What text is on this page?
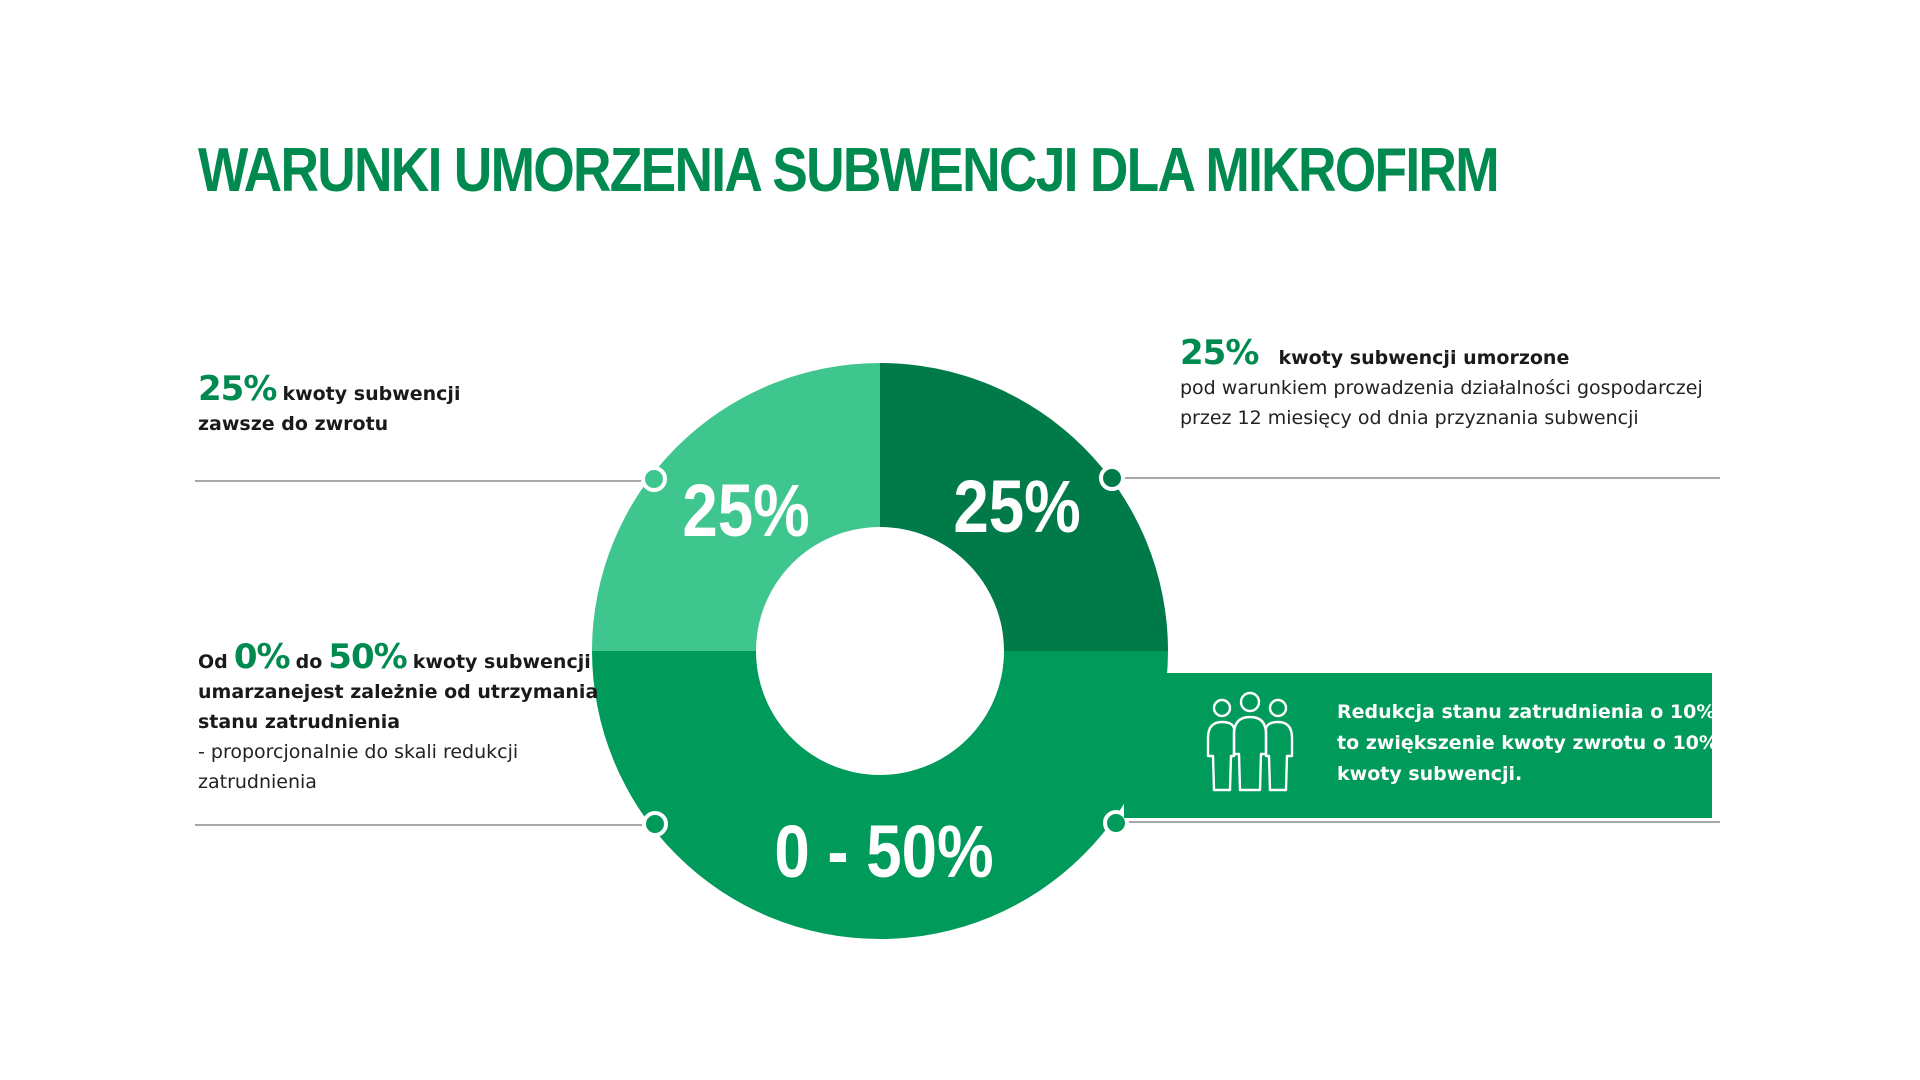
WARUNKI UMORZENIA SUBWENCJI DLA MIKROFIRM
25%
0 - 50%
25%
25% kwoty subwencji
zawsze do zwrotu
25% kwoty subwencji umorzone
pod warunkiem prowadzenia działalności gospodarczej
przez 12 miesięcy od dnia przyznania subwencji
Od 0% do 50% kwoty subwencji
umarzanejest zależnie od utrzymania
stanu zatrudnienia
- proporcjonalnie do skali redukcji
zatrudnienia
Redukcja stanu zatrudnienia o 10%
to zwiększenie kwoty zwrotu o 10%
kwoty subwencji.
